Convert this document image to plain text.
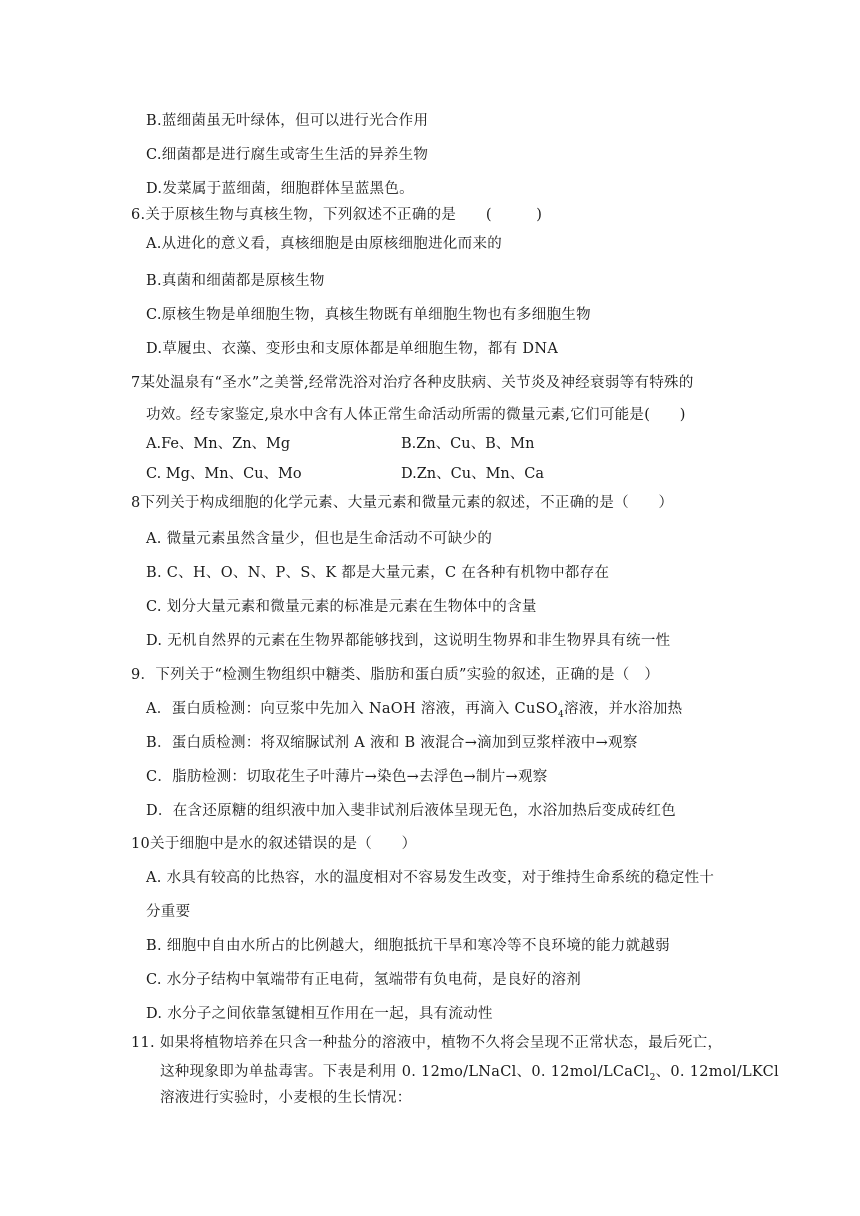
B.蓝细菌虽无叶绿体，但可以进行光合作用
C.细菌都是进行腐生或寄生生活的异养生物
D.发菜属于蓝细菌，细胞群体呈蓝黑色。
6.关于原核生物与真核生物，下列叙述不正确的是　　(　　　)
A.从进化的意义看，真核细胞是由原核细胞进化而来的
B.真菌和细菌都是原核生物
C.原核生物是单细胞生物，真核生物既有单细胞生物也有多细胞生物
D.草履虫、衣藻、变形虫和支原体都是单细胞生物，都有 DNA
7某处温泉有“圣水”之美誉,经常洗浴对治疗各种皮肤病、关节炎及神经衰弱等有特殊的
功效。经专家鉴定,泉水中含有人体正常生命活动所需的微量元素,它们可能是(　　)
A.Fe、Mn、Zn、Mg	B.Zn、Cu、B、Mn
C. Mg、Mn、Cu、Mo	D.Zn、Cu、Mn、Ca
8下列关于构成细胞的化学元素、大量元素和微量元素的叙述，不正确的是（　　）
A. 微量元素虽然含量少，但也是生命活动不可缺少的
B. C、H、O、N、P、S、K 都是大量元素，C 在各种有机物中都存在
C. 划分大量元素和微量元素的标准是元素在生物体中的含量
D. 无机自然界的元素在生物界都能够找到，这说明生物界和非生物界具有统一性
9．下列关于“检测生物组织中糖类、脂肪和蛋白质”实验的叙述，正确的是（　）
A．蛋白质检测：向豆浆中先加入 NaOH 溶液，再滴入 CuSO$_4$溶液，并水浴加热
B．蛋白质检测：将双缩脲试剂 A 液和 B 液混合→滴加到豆浆样液中→观察
C．脂肪检测：切取花生子叶薄片→染色→去浮色→制片→观察
D．在含还原糖的组织液中加入斐非试剂后液体呈现无色，水浴加热后变成砖红色
10关于细胞中是水的叙述错误的是（　　）
A. 水具有较高的比热容，水的温度相对不容易发生改变，对于维持生命系统的稳定性十
分重要
B. 细胞中自由水所占的比例越大，细胞抵抗干旱和寒冷等不良环境的能力就越弱
C. 水分子结构中氧端带有正电荷，氢端带有负电荷，是良好的溶剂
D. 水分子之间依靠氢键相互作用在一起，具有流动性
11. 如果将植物培养在只含一种盐分的溶液中，植物不久将会呈现不正常状态，最后死亡，
这种现象即为单盐毒害。下表是利用 0. 12mo/LNaCl、0. 12mol/LCaCl$_2$、0. 12mol/LKCl
溶液进行实验时，小麦根的生长情况：
